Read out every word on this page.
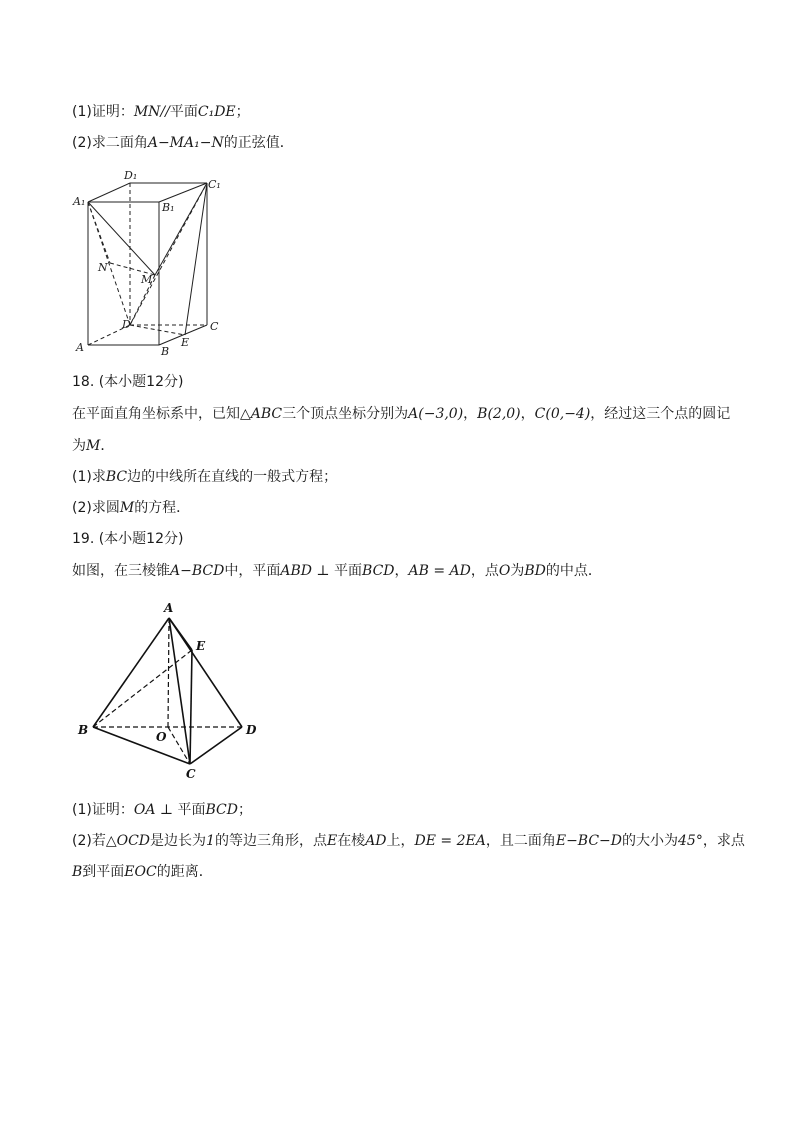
(1)证明：MN//平面C₁DE；
(2)求二面角A−MA₁−N的正弦值．
D₁
C₁
A₁	B₁
N
M
D	C
A	B
E
18. (本小题12分)
在平面直角坐标系中，已知△ABC三个顶点坐标分别为A(−3,0)，B(2,0)，C(0,−4)，经过这三个点的圆记
为M．
(1)求BC边的中线所在直线的一般式方程；
(2)求圆M的方程．
19. (本小题12分)
如图，在三棱锥A−BCD中，平面ABD ⊥ 平面BCD，AB = AD，点O为BD的中点．
A
E
B	O	D
C
(1)证明：OA ⊥ 平面BCD；
(2)若△OCD是边长为1的等边三角形，点E在棱AD上，DE = 2EA，且二面角E−BC−D的大小为45°，求点
B到平面EOC的距离．
